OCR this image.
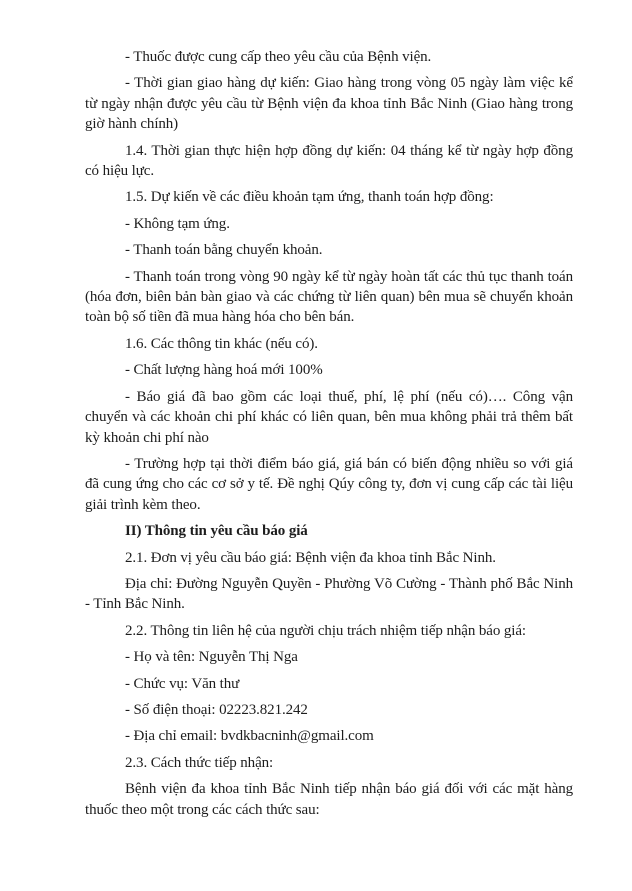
- Thuốc được cung cấp theo yêu cầu của Bệnh viện.

- Thời gian giao hàng dự kiến: Giao hàng trong vòng 05 ngày làm việc kể từ ngày nhận được yêu cầu từ Bệnh viện đa khoa tỉnh Bắc Ninh (Giao hàng trong giờ hành chính)

1.4. Thời gian thực hiện hợp đồng dự kiến: 04 tháng kể từ ngày hợp đồng có hiệu lực.

1.5. Dự kiến về các điều khoản tạm ứng, thanh toán hợp đồng:

- Không tạm ứng.

- Thanh toán bằng chuyển khoản.

- Thanh toán trong vòng 90 ngày kể từ ngày hoàn tất các thủ tục thanh toán (hóa đơn, biên bản bàn giao và các chứng từ liên quan) bên mua sẽ chuyển khoản toàn bộ số tiền đã mua hàng hóa cho bên bán.

1.6. Các thông tin khác (nếu có).

- Chất lượng hàng hoá mới 100%

- Báo giá đã bao gồm các loại thuế, phí, lệ phí (nếu có)…. Công vận chuyển và các khoản chi phí khác có liên quan, bên mua không phải trả thêm bất kỳ khoản chi phí nào

- Trường hợp tại thời điểm báo giá, giá bán có biến động nhiều so với giá đã cung ứng cho các cơ sở y tế. Đề nghị Qúy công ty, đơn vị cung cấp các tài liệu giải trình kèm theo.

II) Thông tin yêu cầu báo giá

2.1. Đơn vị yêu cầu báo giá: Bệnh viện đa khoa tỉnh Bắc Ninh.

Địa chỉ: Đường Nguyễn Quyền - Phường Võ Cường - Thành phố Bắc Ninh - Tỉnh Bắc Ninh.

2.2. Thông tin liên hệ của người chịu trách nhiệm tiếp nhận báo giá:

- Họ và tên: Nguyễn Thị Nga

- Chức vụ: Văn thư

- Số điện thoại: 02223.821.242

- Địa chỉ email: bvdkbacninh@gmail.com

2.3. Cách thức tiếp nhận:

Bệnh viện đa khoa tỉnh Bắc Ninh tiếp nhận báo giá đối với các mặt hàng thuốc theo một trong các cách thức sau:
